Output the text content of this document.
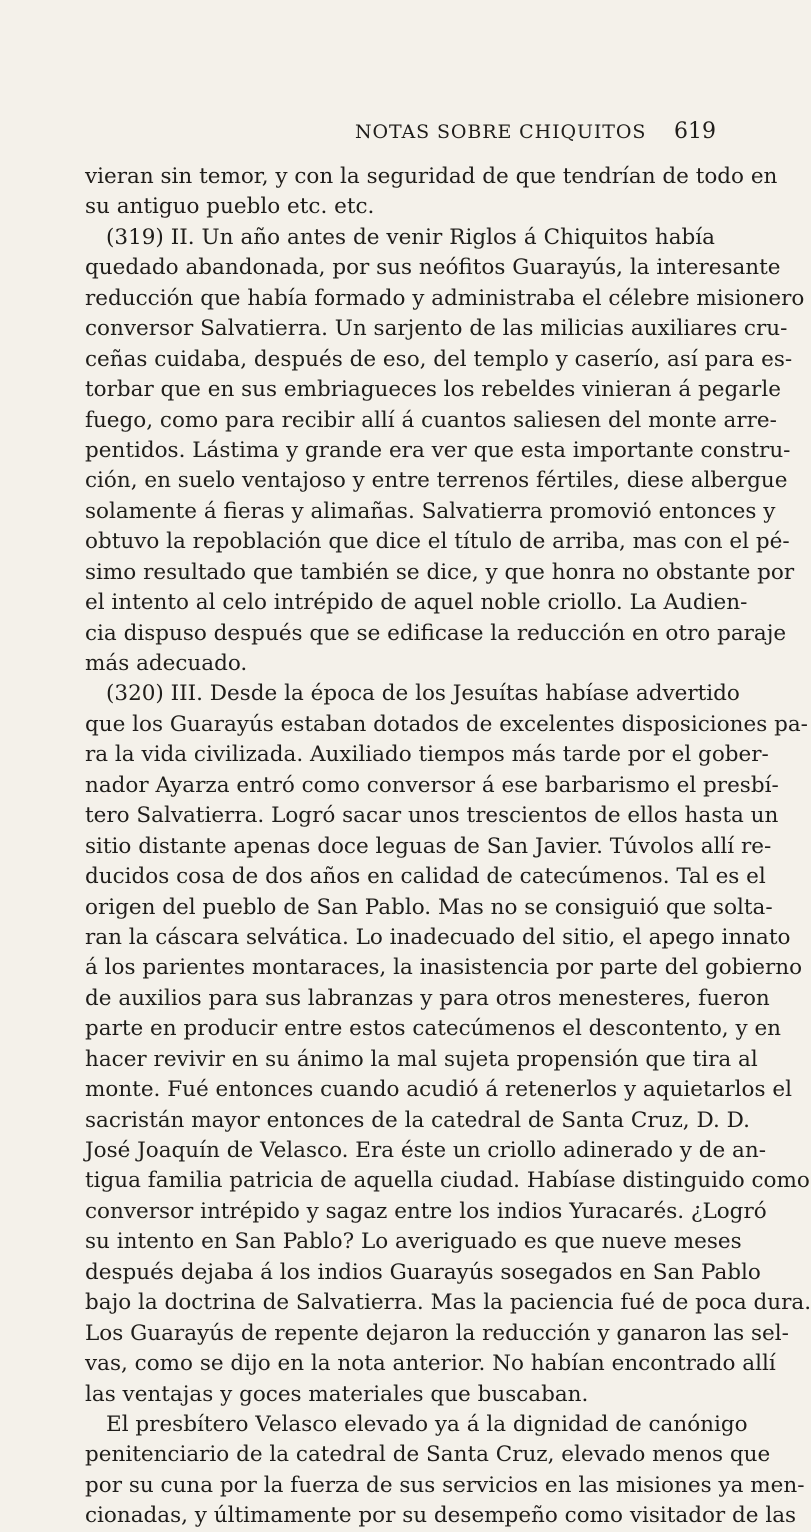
NOTAS SOBRE CHIQUITOS 619
vieran sin temor, y con la seguridad de que tendrían de todo en
su antiguo pueblo etc. etc.
(319) II. Un año antes de venir Riglos á Chiquitos había
quedado abandonada, por sus neófitos Guarayús, la interesante
reducción que había formado y administraba el célebre misionero
conversor Salvatierra. Un sarjento de las milicias auxiliares cru-
ceñas cuidaba, después de eso, del templo y caserío, así para es-
torbar que en sus embriagueces los rebeldes vinieran á pegarle
fuego, como para recibir allí á cuantos saliesen del monte arre-
pentidos. Lástima y grande era ver que esta importante constru-
ción, en suelo ventajoso y entre terrenos fértiles, diese albergue
solamente á fieras y alimañas. Salvatierra promovió entonces y
obtuvo la repoblación que dice el título de arriba, mas con el pé-
simo resultado que también se dice, y que honra no obstante por
el intento al celo intrépido de aquel noble criollo. La Audien-
cia dispuso después que se edificase la reducción en otro paraje
más adecuado.
(320) III. Desde la época de los Jesuítas habíase advertido
que los Guarayús estaban dotados de excelentes disposiciones pa-
ra la vida civilizada. Auxiliado tiempos más tarde por el gober-
nador Ayarza entró como conversor á ese barbarismo el presbí-
tero Salvatierra. Logró sacar unos trescientos de ellos hasta un
sitio distante apenas doce leguas de San Javier. Túvolos allí re-
ducidos cosa de dos años en calidad de catecúmenos. Tal es el
origen del pueblo de San Pablo. Mas no se consiguió que solta-
ran la cáscara selvática. Lo inadecuado del sitio, el apego innato
á los parientes montaraces, la inasistencia por parte del gobierno
de auxilios para sus labranzas y para otros menesteres, fueron
parte en producir entre estos catecúmenos el descontento, y en
hacer revivir en su ánimo la mal sujeta propensión que tira al
monte. Fué entonces cuando acudió á retenerlos y aquietarlos el
sacristán mayor entonces de la catedral de Santa Cruz, D. D.
José Joaquín de Velasco. Era éste un criollo adinerado y de an-
tigua familia patricia de aquella ciudad. Habíase distinguido como
conversor intrépido y sagaz entre los indios Yuracarés. ¿Logró
su intento en San Pablo? Lo averiguado es que nueve meses
después dejaba á los indios Guarayús sosegados en San Pablo
bajo la doctrina de Salvatierra. Mas la paciencia fué de poca dura.
Los Guarayús de repente dejaron la reducción y ganaron las sel-
vas, como se dijo en la nota anterior. No habían encontrado allí
las ventajas y goces materiales que buscaban.
El presbítero Velasco elevado ya á la dignidad de canónigo
penitenciario de la catedral de Santa Cruz, elevado menos que
por su cuna por la fuerza de sus servicios en las misiones ya men-
cionadas, y últimamente por su desempeño como visitador de las
